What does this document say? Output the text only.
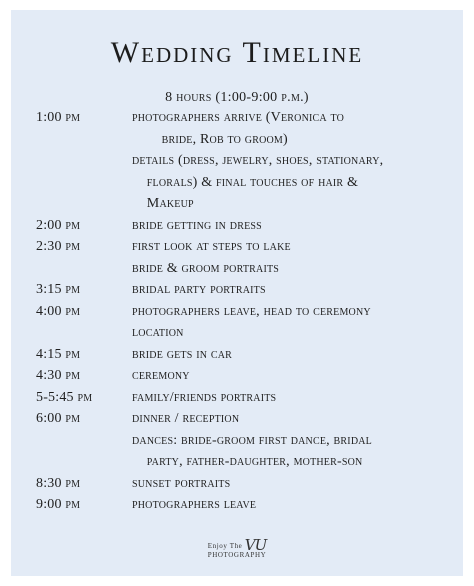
Wedding Timeline
8 hours (1:00-9:00 p.m.)
1:00 pm	photographers arrive (Veronica to
bride, Rob to groom)
details (dress, jewelry, shoes, stationary,
florals) & final touches of hair &
Makeup
2:00 pm	bride getting in dress
2:30 pm	first look at steps to lake
bride & groom portraits
3:15 pm	bridal party portraits
4:00 pm	photographers leave, head to ceremony
location
4:15 pm	bride gets in car
4:30 pm	ceremony
5-5:45 pm	family/friends portraits
6:00 pm	dinner / reception
dances: bride-groom first dance, bridal
party, father-daughter, mother-son
8:30 pm	sunset portraits
9:00 pm	photographers leave
Enjoy The VU
PHOTOGRAPHY
